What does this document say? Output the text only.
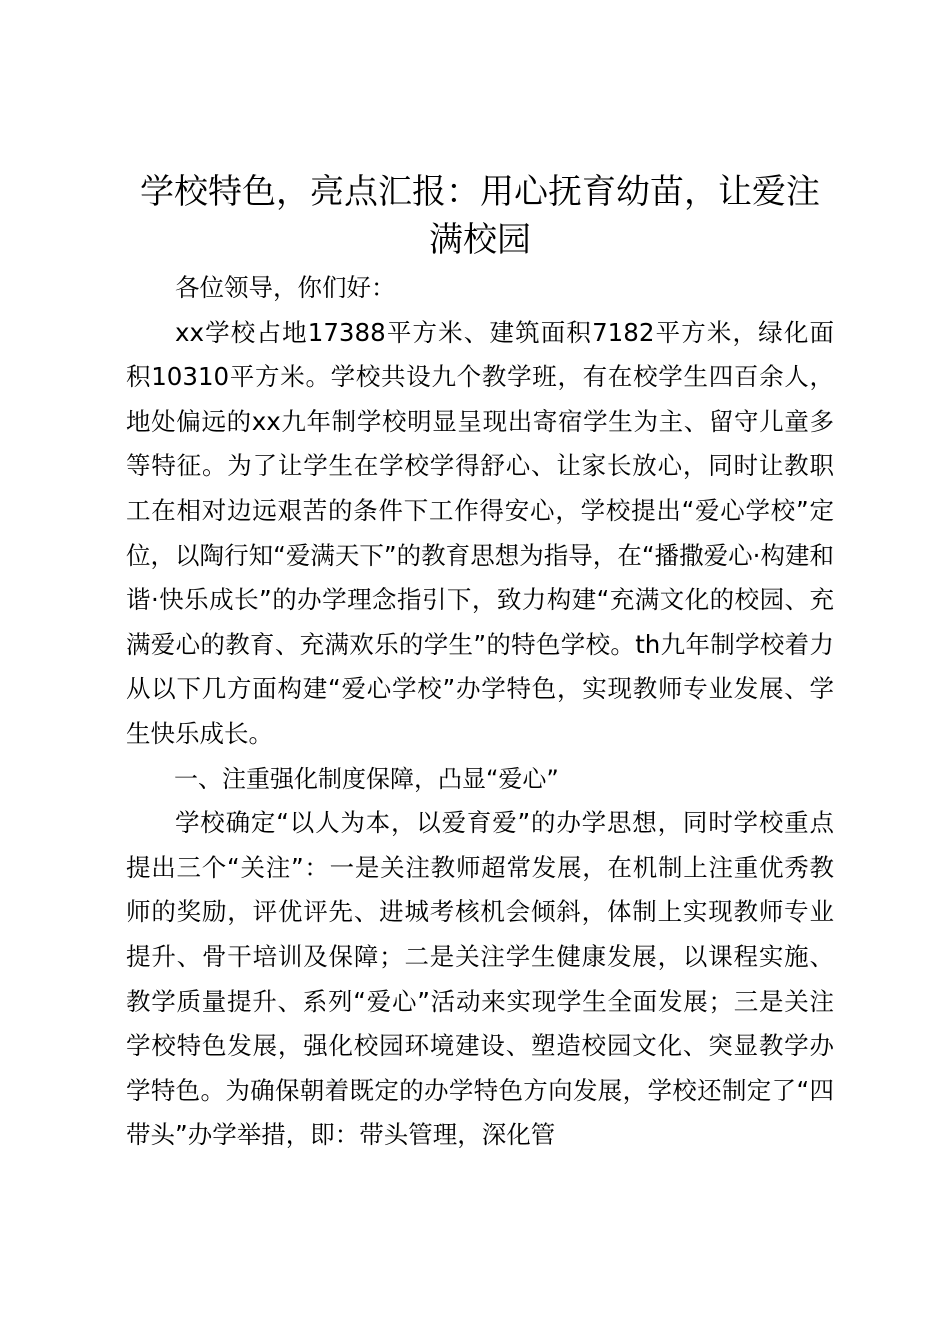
学校特色，亮点汇报：用心抚育幼苗，让爱注满校园

各位领导，你们好：

xx学校占地17388平方米、建筑面积7182平方米，绿化面积10310平方米。学校共设九个教学班，有在校学生四百余人，地处偏远的xx九年制学校明显呈现出寄宿学生为主、留守儿童多等特征。为了让学生在学校学得舒心、让家长放心，同时让教职工在相对边远艰苦的条件下工作得安心，学校提出“爱心学校”定位，以陶行知“爱满天下”的教育思想为指导，在“播撒爱心·构建和谐·快乐成长”的办学理念指引下，致力构建“充满文化的校园、充满爱心的教育、充满欢乐的学生”的特色学校。th九年制学校着力从以下几方面构建“爱心学校”办学特色，实现教师专业发展、学生快乐成长。

一、注重强化制度保障，凸显“爱心”

学校确定“以人为本，以爱育爱”的办学思想，同时学校重点提出三个“关注”：一是关注教师超常发展，在机制上注重优秀教师的奖励，评优评先、进城考核机会倾斜，体制上实现教师专业提升、骨干培训及保障；二是关注学生健康发展，以课程实施、教学质量提升、系列“爱心”活动来实现学生全面发展；三是关注学校特色发展，强化校园环境建设、塑造校园文化、突显教学办学特色。为确保朝着既定的办学特色方向发展，学校还制定了“四带头”办学举措，即：带头管理，深化管
